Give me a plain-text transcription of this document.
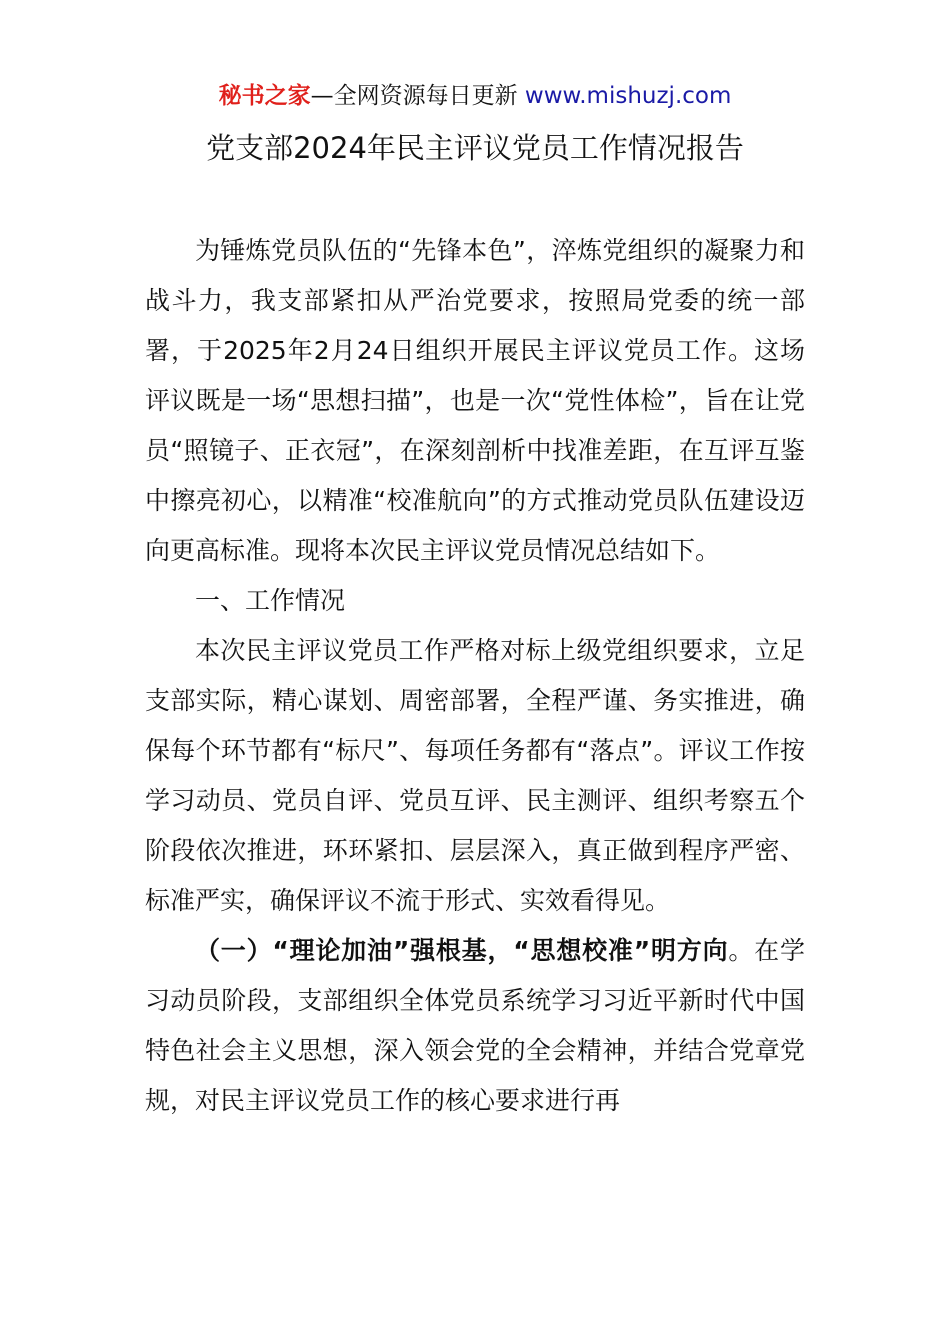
秘书之家—全网资源每日更新 www.mishuzj.com
党支部2024年民主评议党员工作情况报告

为锤炼党员队伍的“先锋本色”，淬炼党组织的凝聚力和战斗力，我支部紧扣从严治党要求，按照局党委的统一部署，于2025年2月24日组织开展民主评议党员工作。这场评议既是一场“思想扫描”，也是一次“党性体检”，旨在让党员“照镜子、正衣冠”，在深刻剖析中找准差距，在互评互鉴中擦亮初心，以精准“校准航向”的方式推动党员队伍建设迈向更高标准。现将本次民主评议党员情况总结如下。

一、工作情况

本次民主评议党员工作严格对标上级党组织要求，立足支部实际，精心谋划、周密部署，全程严谨、务实推进，确保每个环节都有“标尺”、每项任务都有“落点”。评议工作按学习动员、党员自评、党员互评、民主测评、组织考察五个阶段依次推进，环环紧扣、层层深入，真正做到程序严密、标准严实，确保评议不流于形式、实效看得见。

（一）“理论加油”强根基，“思想校准”明方向。在学习动员阶段，支部组织全体党员系统学习习近平新时代中国特色社会主义思想，深入领会党的全会精神，并结合党章党规，对民主评议党员工作的核心要求进行再
